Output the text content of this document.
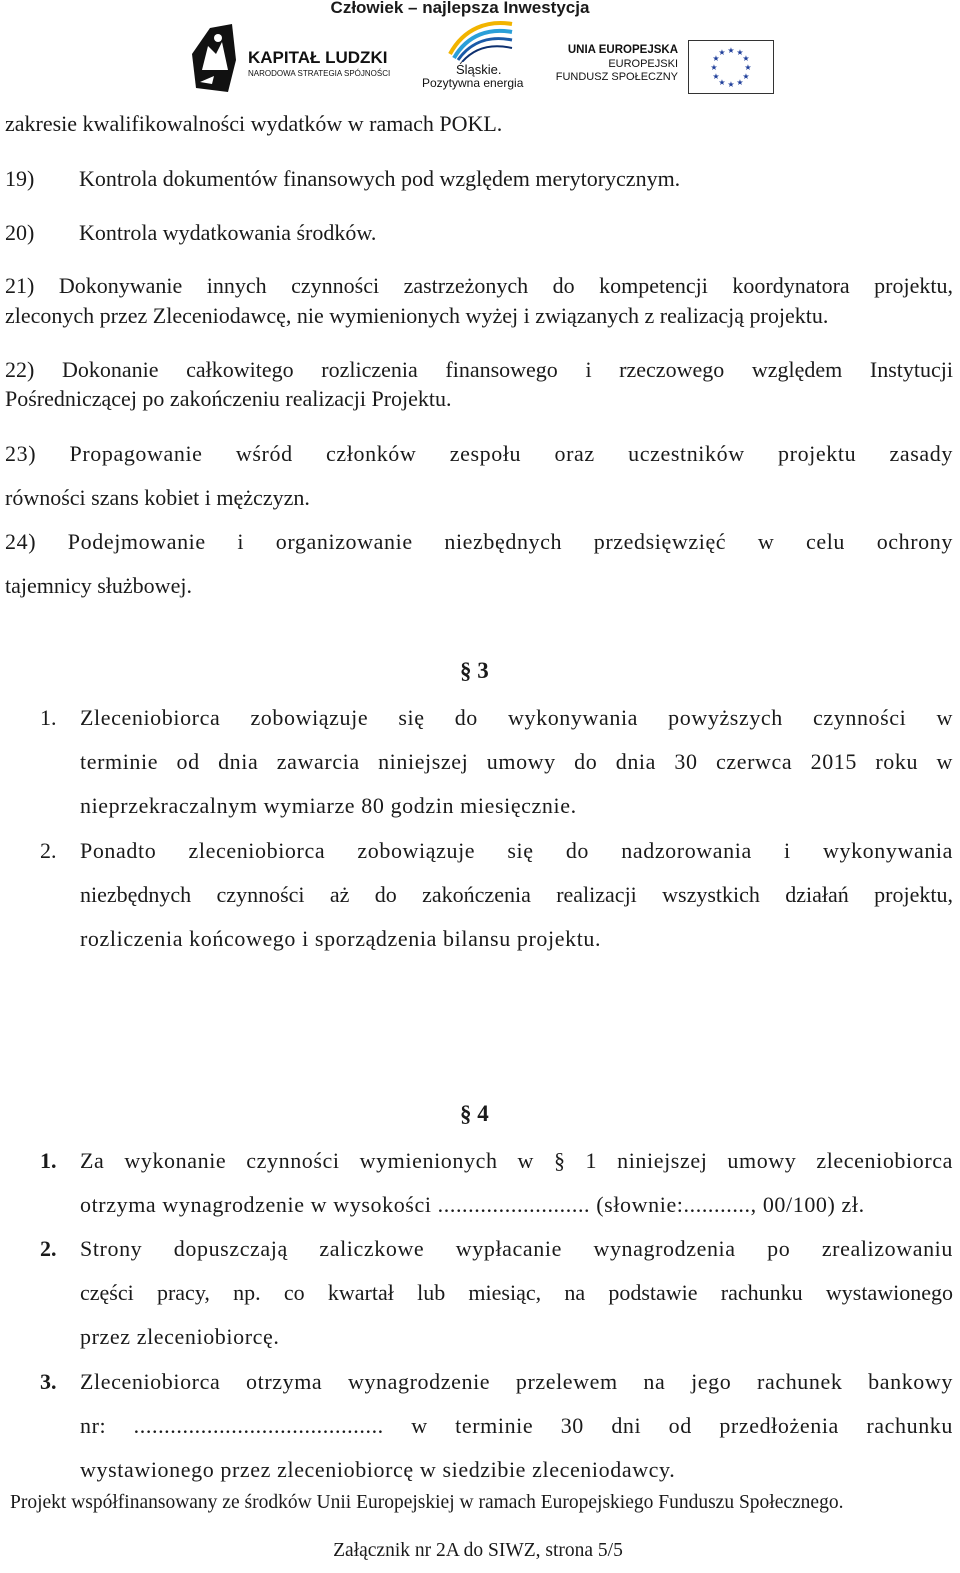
Człowiek – najlepsza Inwestycja
KAPITAŁ LUDZKI
NARODOWA STRATEGIA SPÓJNOŚCI	Śląskie.
Pozytywna energia
UNIA EUROPEJSKA
EUROPEJSKI
FUNDUSZ SPOŁECZNY
★ ★
★
★
★
★
★
★
★
★
★
★
zakresie kwalifikowalności wydatków w ramach POKL.
19) Kontrola dokumentów finansowych pod względem merytorycznym.
20) Kontrola wydatkowania środków.
21) Dokonywanie innych czynności zastrzeżonych do kompetencji koordynatora projektu,
zleconych przez Zleceniodawcę, nie wymienionych wyżej i związanych z realizacją projektu.
22) Dokonanie całkowitego rozliczenia finansowego i rzeczowego względem Instytucji
Pośredniczącej po zakończeniu realizacji Projektu.
23) Propagowanie wśród członków zespołu oraz uczestników projektu zasady
równości szans kobiet i mężczyzn.
24) Podejmowanie i organizowanie niezbędnych przedsięwzięć w celu ochrony
tajemnicy służbowej.
§ 3
1. Zleceniobiorca zobowiązuje się do wykonywania powyższych czynności w
terminie od dnia zawarcia niniejszej umowy do dnia 30 czerwca 2015 roku w
nieprzekraczalnym wymiarze 80 godzin miesięcznie.
2. Ponadto zleceniobiorca zobowiązuje się do nadzorowania i wykonywania
niezbędnych czynności aż do zakończenia realizacji wszystkich działań projektu,
rozliczenia końcowego i sporządzenia bilansu projektu.
§ 4
1. Za wykonanie czynności wymienionych w § 1 niniejszej umowy zleceniobiorca
otrzyma wynagrodzenie w wysokości ......................... (słownie:..........., 00/100) zł.
2. Strony dopuszczają zaliczkowe wypłacanie wynagrodzenia po zrealizowaniu
części pracy, np. co kwartał lub miesiąc, na podstawie rachunku wystawionego
przez zleceniobiorcę.
3. Zleceniobiorca otrzyma wynagrodzenie przelewem na jego rachunek bankowy
nr: ......................................... w terminie 30 dni od przedłożenia rachunku
wystawionego przez zleceniobiorcę w siedzibie zleceniodawcy.
Projekt współfinansowany ze środków Unii Europejskiej w ramach Europejskiego Funduszu Społecznego.
Załącznik nr 2A do SIWZ, strona 5/5
